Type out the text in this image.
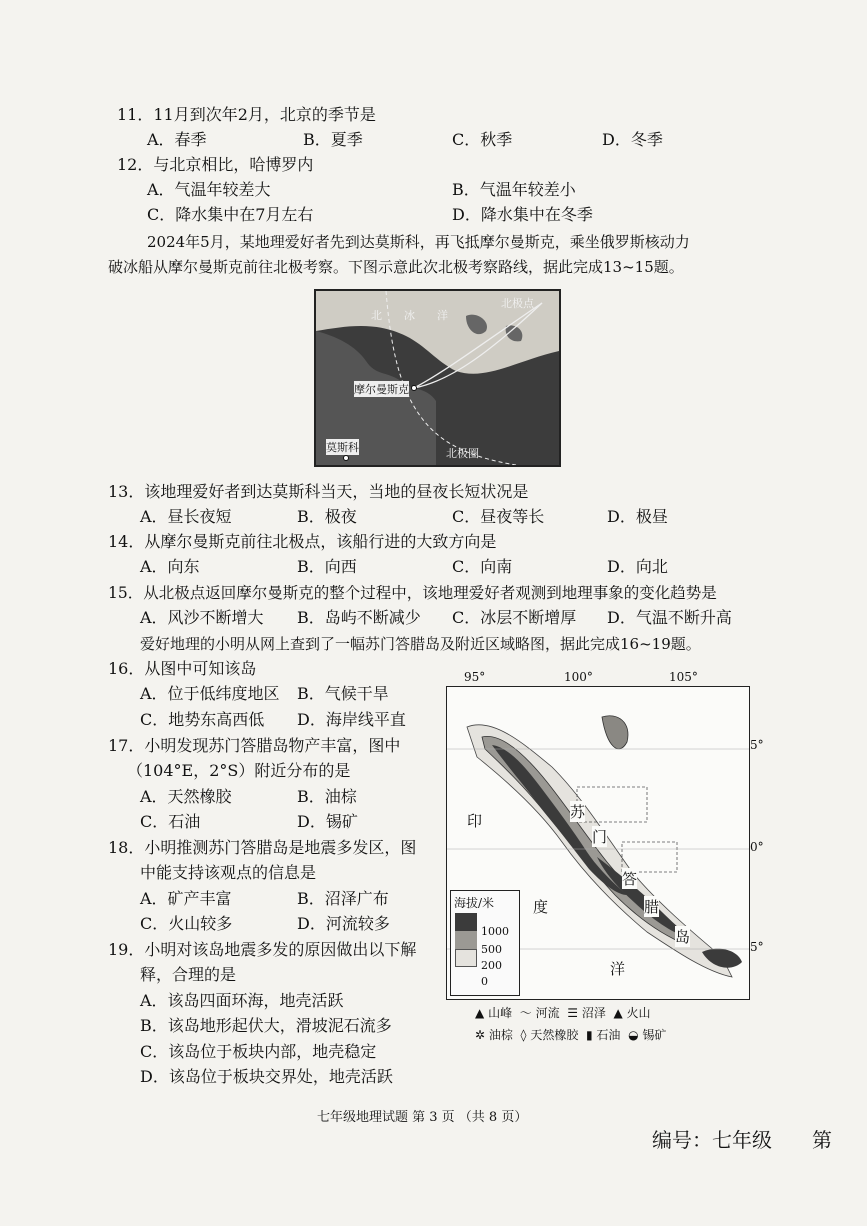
11．11月到次年2月，北京的季节是
A．春季	B．夏季	C．秋季	D．冬季
12．与北京相比，哈博罗内
A．气温年较差大	B．气温年较差小
C．降水集中在7月左右	D．降水集中在冬季
2024年5月，某地理爱好者先到达莫斯科，再飞抵摩尔曼斯克，乘坐俄罗斯核动力
破冰船从摩尔曼斯克前往北极考察。下图示意此次北极考察路线，据此完成13~15题。
北　　冰　　洋
北极点
摩尔曼斯克
莫斯科	北极圈
13．该地理爱好者到达莫斯科当天，当地的昼夜长短状况是
A．昼长夜短	B．极夜	C．昼夜等长	D．极昼
14．从摩尔曼斯克前往北极点，该船行进的大致方向是
A．向东	B．向西	C．向南	D．向北
15．从北极点返回摩尔曼斯克的整个过程中，该地理爱好者观测到地理事象的变化趋势是
A．风沙不断增大 B．岛屿不断减少 C．冰层不断增厚 D．气温不断升高
爱好地理的小明从网上查到了一幅苏门答腊岛及附近区域略图，据此完成16~19题。
16．从图中可知该岛
A．位于低纬度地区 B．气候干旱
C．地势东高西低 D．海岸线平直
17．小明发现苏门答腊岛物产丰富，图中
（104°E，2°S）附近分布的是
A．天然橡胶	B．油棕
C．石油	D．锡矿
18．小明推测苏门答腊岛是地震多发区，图
中能支持该观点的信息是
A．矿产丰富	B．沼泽广布
C．火山较多	D．河流较多
19．小明对该岛地震多发的原因做出以下解
释，合理的是
A．该岛四面环海，地壳活跃
B．该岛地形起伏大，滑坡泥石流多
C．该岛位于板块内部，地壳稳定
D．该岛位于板块交界处，地壳活跃
95°	100°	105°
5°
0°
5°
印
度
洋
苏
门
答
腊
岛
海拔/米
1000
500
200
0
▲ 山峰 〜 河流 ☰ 沼泽 ▲ 火山
✲ 油棕 ◊ 天然橡胶 ▮ 石油 ◒ 锡矿
七年级地理试题 第 3 页 （共 8 页）
编号：七年级　　第
